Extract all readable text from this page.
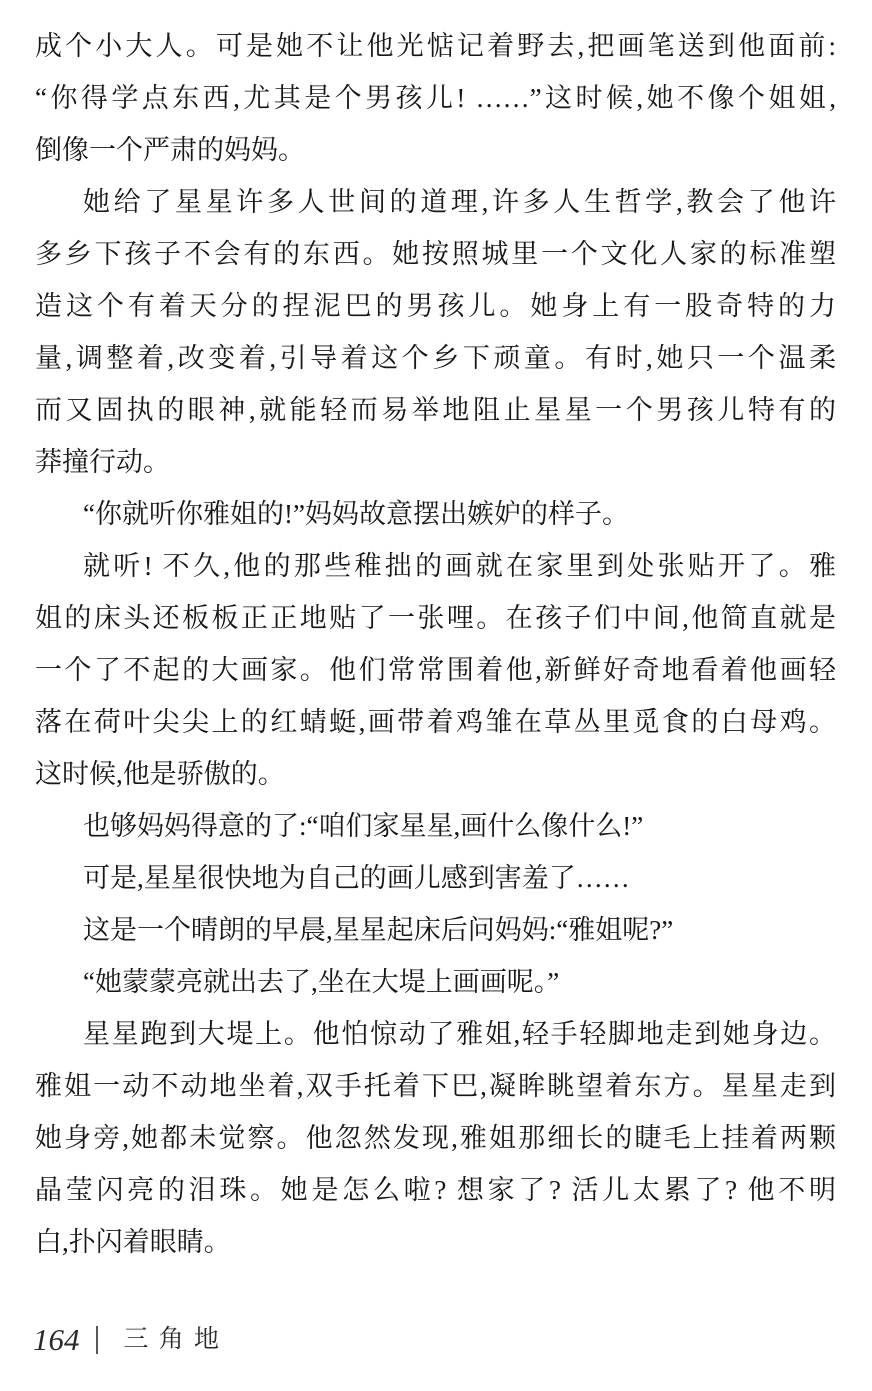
成个小大人。可是她不让他光惦记着野去,把画笔送到他面前:
“你得学点东西,尤其是个男孩儿! ……”这时候,她不像个姐姐,
倒像一个严肃的妈妈。
她给了星星许多人世间的道理,许多人生哲学,教会了他许
多乡下孩子不会有的东西。她按照城里一个文化人家的标准塑
造这个有着天分的捏泥巴的男孩儿。她身上有一股奇特的力
量,调整着,改变着,引导着这个乡下顽童。有时,她只一个温柔
而又固执的眼神,就能轻而易举地阻止星星一个男孩儿特有的
莽撞行动。
“你就听你雅姐的!”妈妈故意摆出嫉妒的样子。
就听! 不久,他的那些稚拙的画就在家里到处张贴开了。雅
姐的床头还板板正正地贴了一张哩。在孩子们中间,他简直就是
一个了不起的大画家。他们常常围着他,新鲜好奇地看着他画轻
落在荷叶尖尖上的红蜻蜓,画带着鸡雏在草丛里觅食的白母鸡。
这时候,他是骄傲的。
也够妈妈得意的了:“咱们家星星,画什么像什么!”
可是,星星很快地为自己的画儿感到害羞了……
这是一个晴朗的早晨,星星起床后问妈妈:“雅姐呢?”
“她蒙蒙亮就出去了,坐在大堤上画画呢。”
星星跑到大堤上。他怕惊动了雅姐,轻手轻脚地走到她身边。
雅姐一动不动地坐着,双手托着下巴,凝眸眺望着东方。星星走到
她身旁,她都未觉察。他忽然发现,雅姐那细长的睫毛上挂着两颗
晶莹闪亮的泪珠。她是怎么啦? 想家了? 活儿太累了? 他不明
白,扑闪着眼睛。
164 三 角 地
